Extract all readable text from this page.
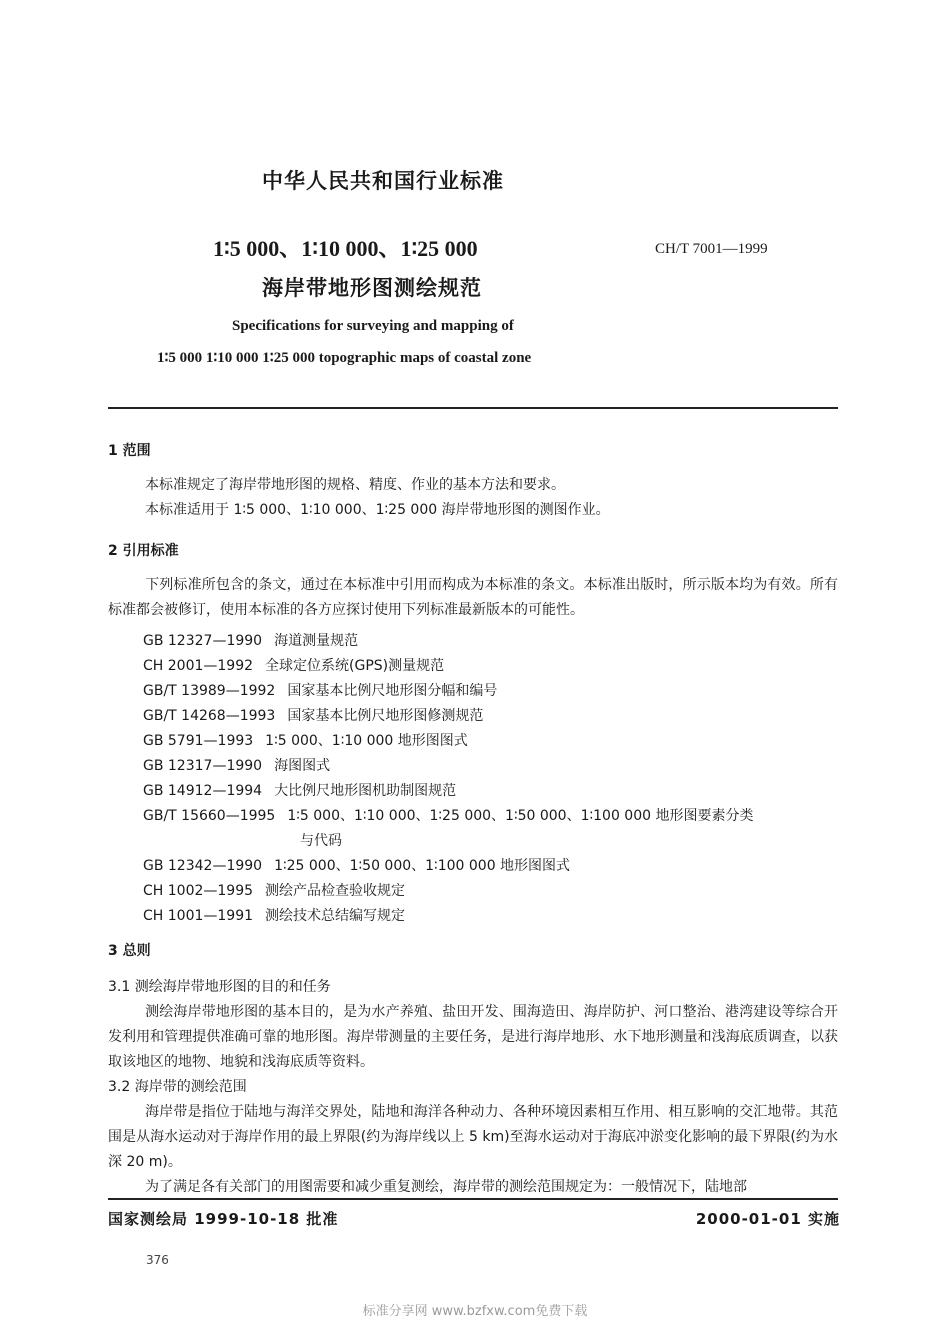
中华人民共和国行业标准
1∶5 000、1∶10 000、1∶25 000	CH/T 7001—1999
海岸带地形图测绘规范
Specifications for surveying and mapping of
1∶5 000 1∶10 000 1∶25 000 topographic maps of coastal zone
1 范围
本标准规定了海岸带地形图的规格、精度、作业的基本方法和要求。
本标准适用于 1∶5 000、1∶10 000、1∶25 000 海岸带地形图的测图作业。
2 引用标准
下列标准所包含的条文，通过在本标准中引用而构成为本标准的条文。本标准出版时，所示版本均为有效。所有标准都会被修订，使用本标准的各方应探讨使用下列标准最新版本的可能性。
GB 12327—1990 海道测量规范
CH 2001—1992 全球定位系统(GPS)测量规范
GB/T 13989—1992 国家基本比例尺地形图分幅和编号
GB/T 14268—1993 国家基本比例尺地形图修测规范
GB 5791—1993 1∶5 000、1∶10 000 地形图图式
GB 12317—1990 海图图式
GB 14912—1994 大比例尺地形图机助制图规范
GB/T 15660—1995 1∶5 000、1∶10 000、1∶25 000、1∶50 000、1∶100 000 地形图要素分类
与代码
GB 12342—1990 1∶25 000、1∶50 000、1∶100 000 地形图图式
CH 1002—1995 测绘产品检查验收规定
CH 1001—1991 测绘技术总结编写规定
3 总则
3.1 测绘海岸带地形图的目的和任务
测绘海岸带地形图的基本目的，是为水产养殖、盐田开发、围海造田、海岸防护、河口整治、港湾建设等综合开发利用和管理提供准确可靠的地形图。海岸带测量的主要任务，是进行海岸地形、水下地形测量和浅海底质调查，以获取该地区的地物、地貌和浅海底质等资料。
3.2 海岸带的测绘范围
海岸带是指位于陆地与海洋交界处，陆地和海洋各种动力、各种环境因素相互作用、相互影响的交汇地带。其范围是从海水运动对于海岸作用的最上界限(约为海岸线以上 5 km)至海水运动对于海底冲淤变化影响的最下界限(约为水深 20 m)。
为了满足各有关部门的用图需要和减少重复测绘，海岸带的测绘范围规定为：一般情况下，陆地部
国家测绘局 1999-10-18 批准	2000-01-01 实施
376
标准分享网 www.bzfxw.com免费下载
